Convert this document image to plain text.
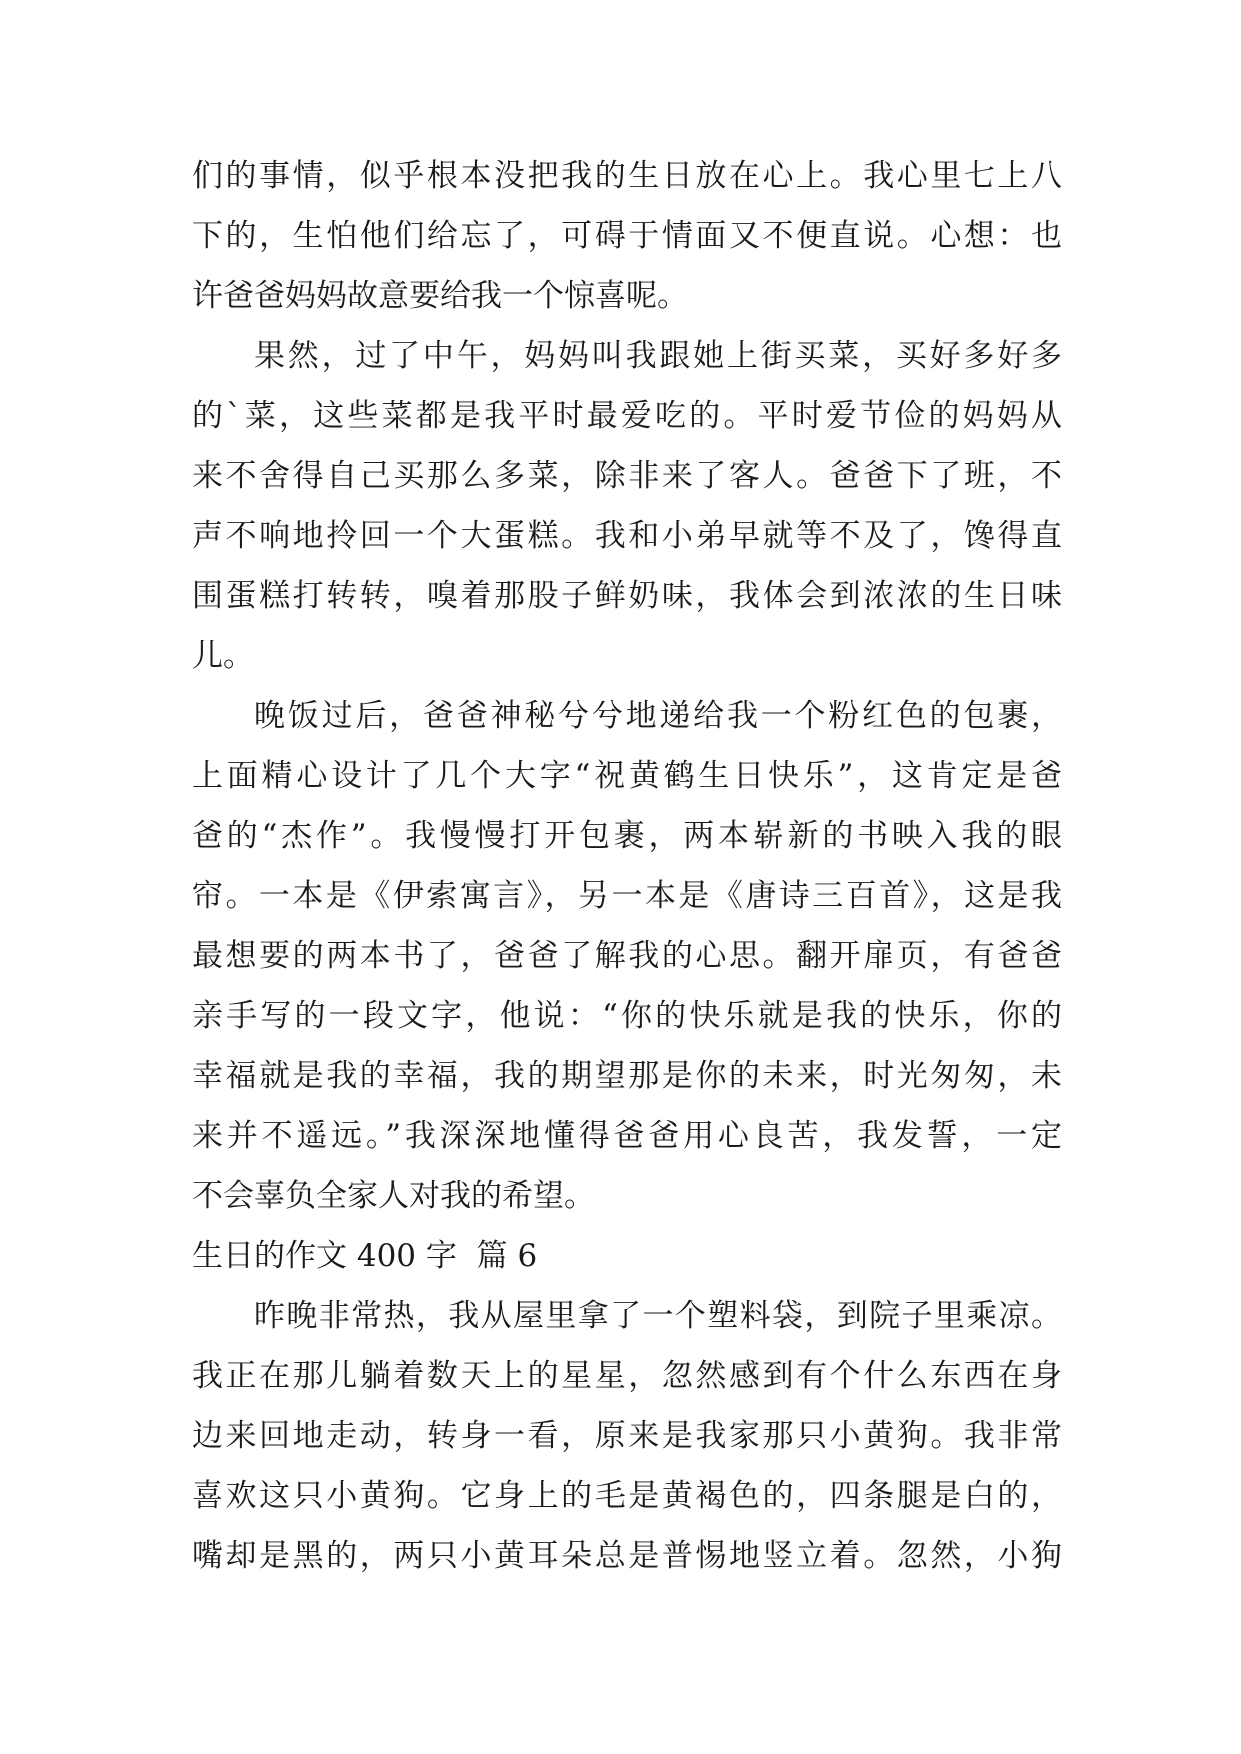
们的事情，似乎根本没把我的生日放在心上。我心里七上八
下的，生怕他们给忘了，可碍于情面又不便直说。心想：也
许爸爸妈妈故意要给我一个惊喜呢。
果然，过了中午，妈妈叫我跟她上街买菜，买好多好多
的`菜，这些菜都是我平时最爱吃的。平时爱节俭的妈妈从
来不舍得自己买那么多菜，除非来了客人。爸爸下了班，不
声不响地拎回一个大蛋糕。我和小弟早就等不及了，馋得直
围蛋糕打转转，嗅着那股子鲜奶味，我体会到浓浓的生日味
儿。
晚饭过后，爸爸神秘兮兮地递给我一个粉红色的包裹，
上面精心设计了几个大字“祝黄鹤生日快乐”，这肯定是爸
爸的“杰作”。我慢慢打开包裹，两本崭新的书映入我的眼
帘。一本是《伊索寓言》，另一本是《唐诗三百首》，这是我
最想要的两本书了，爸爸了解我的心思。翻开扉页，有爸爸
亲手写的一段文字，他说：“你的快乐就是我的快乐，你的
幸福就是我的幸福，我的期望那是你的未来，时光匆匆，未
来并不遥远。”我深深地懂得爸爸用心良苦，我发誓，一定
不会辜负全家人对我的希望。
生日的作文 400 字  篇 6
昨晚非常热，我从屋里拿了一个塑料袋，到院子里乘凉。
我正在那儿躺着数天上的星星，忽然感到有个什么东西在身
边来回地走动，转身一看，原来是我家那只小黄狗。我非常
喜欢这只小黄狗。它身上的毛是黄褐色的，四条腿是白的，
嘴却是黑的，两只小黄耳朵总是普惕地竖立着。忽然，小狗
